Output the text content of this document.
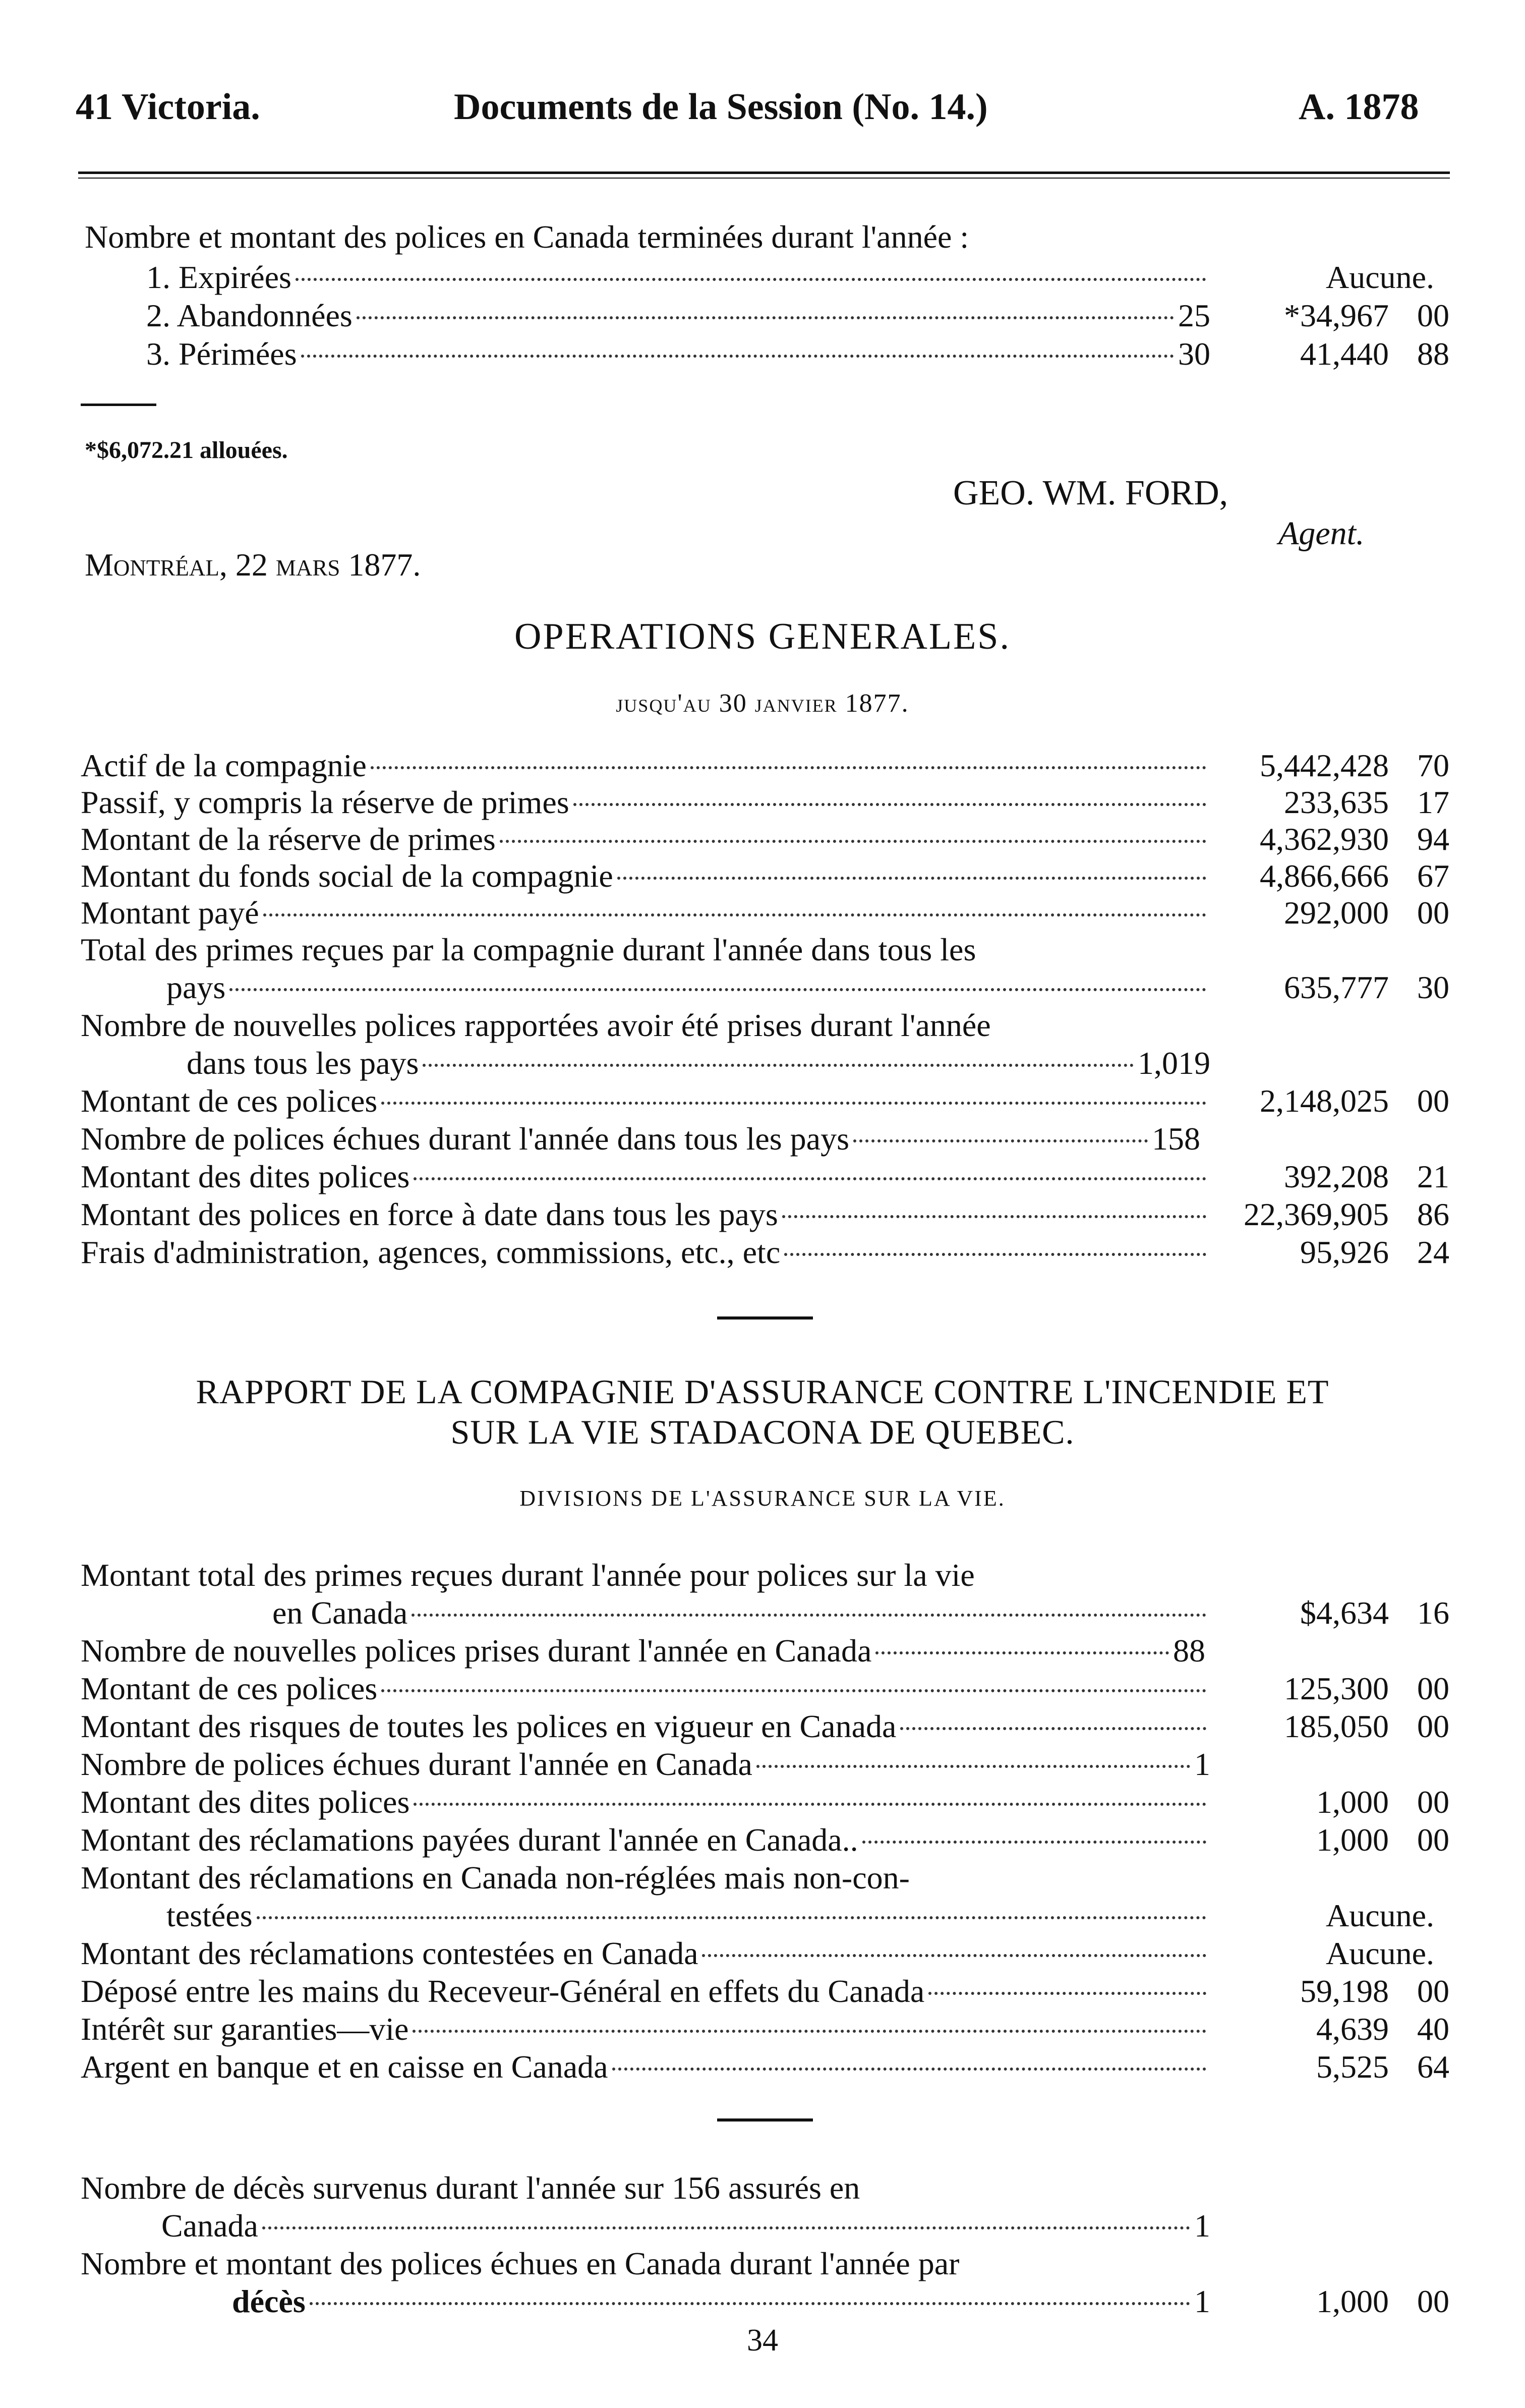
41 Victoria.	Documents de la Session (No. 14.)	A. 1878
Nombre et montant des polices en Canada terminées durant l'année :
1. Expirées	Aucune.
2. Abandonnées	25 *34,967 00
3. Périmées	30	41,440 88
*$6,072.21 allouées.
GEO. WM. FORD,
Agent.
Montréal, 22 mars 1877.
OPERATIONS GENERALES.
jusqu'au 30 janvier 1877.
Actif de la compagnie	5,442,428 70
Passif, y compris la réserve de primes	233,635 17
Montant de la réserve de primes	4,362,930 94
Montant du fonds social de la compagnie	4,866,666 67
Montant payé	292,000 00
Total des primes reçues par la compagnie durant l'année dans tous les
pays	635,777 30
Nombre de nouvelles polices rapportées avoir été prises durant l'année
dans tous les pays	1,019
Montant de ces polices	2,148,025 00
Nombre de polices échues durant l'année dans tous les pays	158
Montant des dites polices	392,208 21
Montant des polices en force à date dans tous les pays	22,369,905 86
Frais d'administration, agences, commissions, etc., etc	95,926 24
RAPPORT DE LA COMPAGNIE D'ASSURANCE CONTRE L'INCENDIE ET
SUR LA VIE STADACONA DE QUEBEC.
DIVISIONS DE L'ASSURANCE SUR LA VIE.
Montant total des primes reçues durant l'année pour polices sur la vie
en Canada	$4,634 16
Nombre de nouvelles polices prises durant l'année en Canada	88
Montant de ces polices	125,300 00
Montant des risques de toutes les polices en vigueur en Canada	185,050 00
Nombre de polices échues durant l'année en Canada	1
Montant des dites polices	1,000 00
Montant des réclamations payées durant l'année en Canada..	1,000 00
Montant des réclamations en Canada non-réglées mais non-con-
testées	Aucune.
Montant des réclamations contestées en Canada	Aucune.
Déposé entre les mains du Receveur-Général en effets du Canada	59,198 00
Intérêt sur garanties—vie	4,639 40
Argent en banque et en caisse en Canada	5,525 64
Nombre de décès survenus durant l'année sur 156 assurés en
Canada	1
Nombre et montant des polices échues en Canada durant l'année par
décès	1	1,000 00
34
